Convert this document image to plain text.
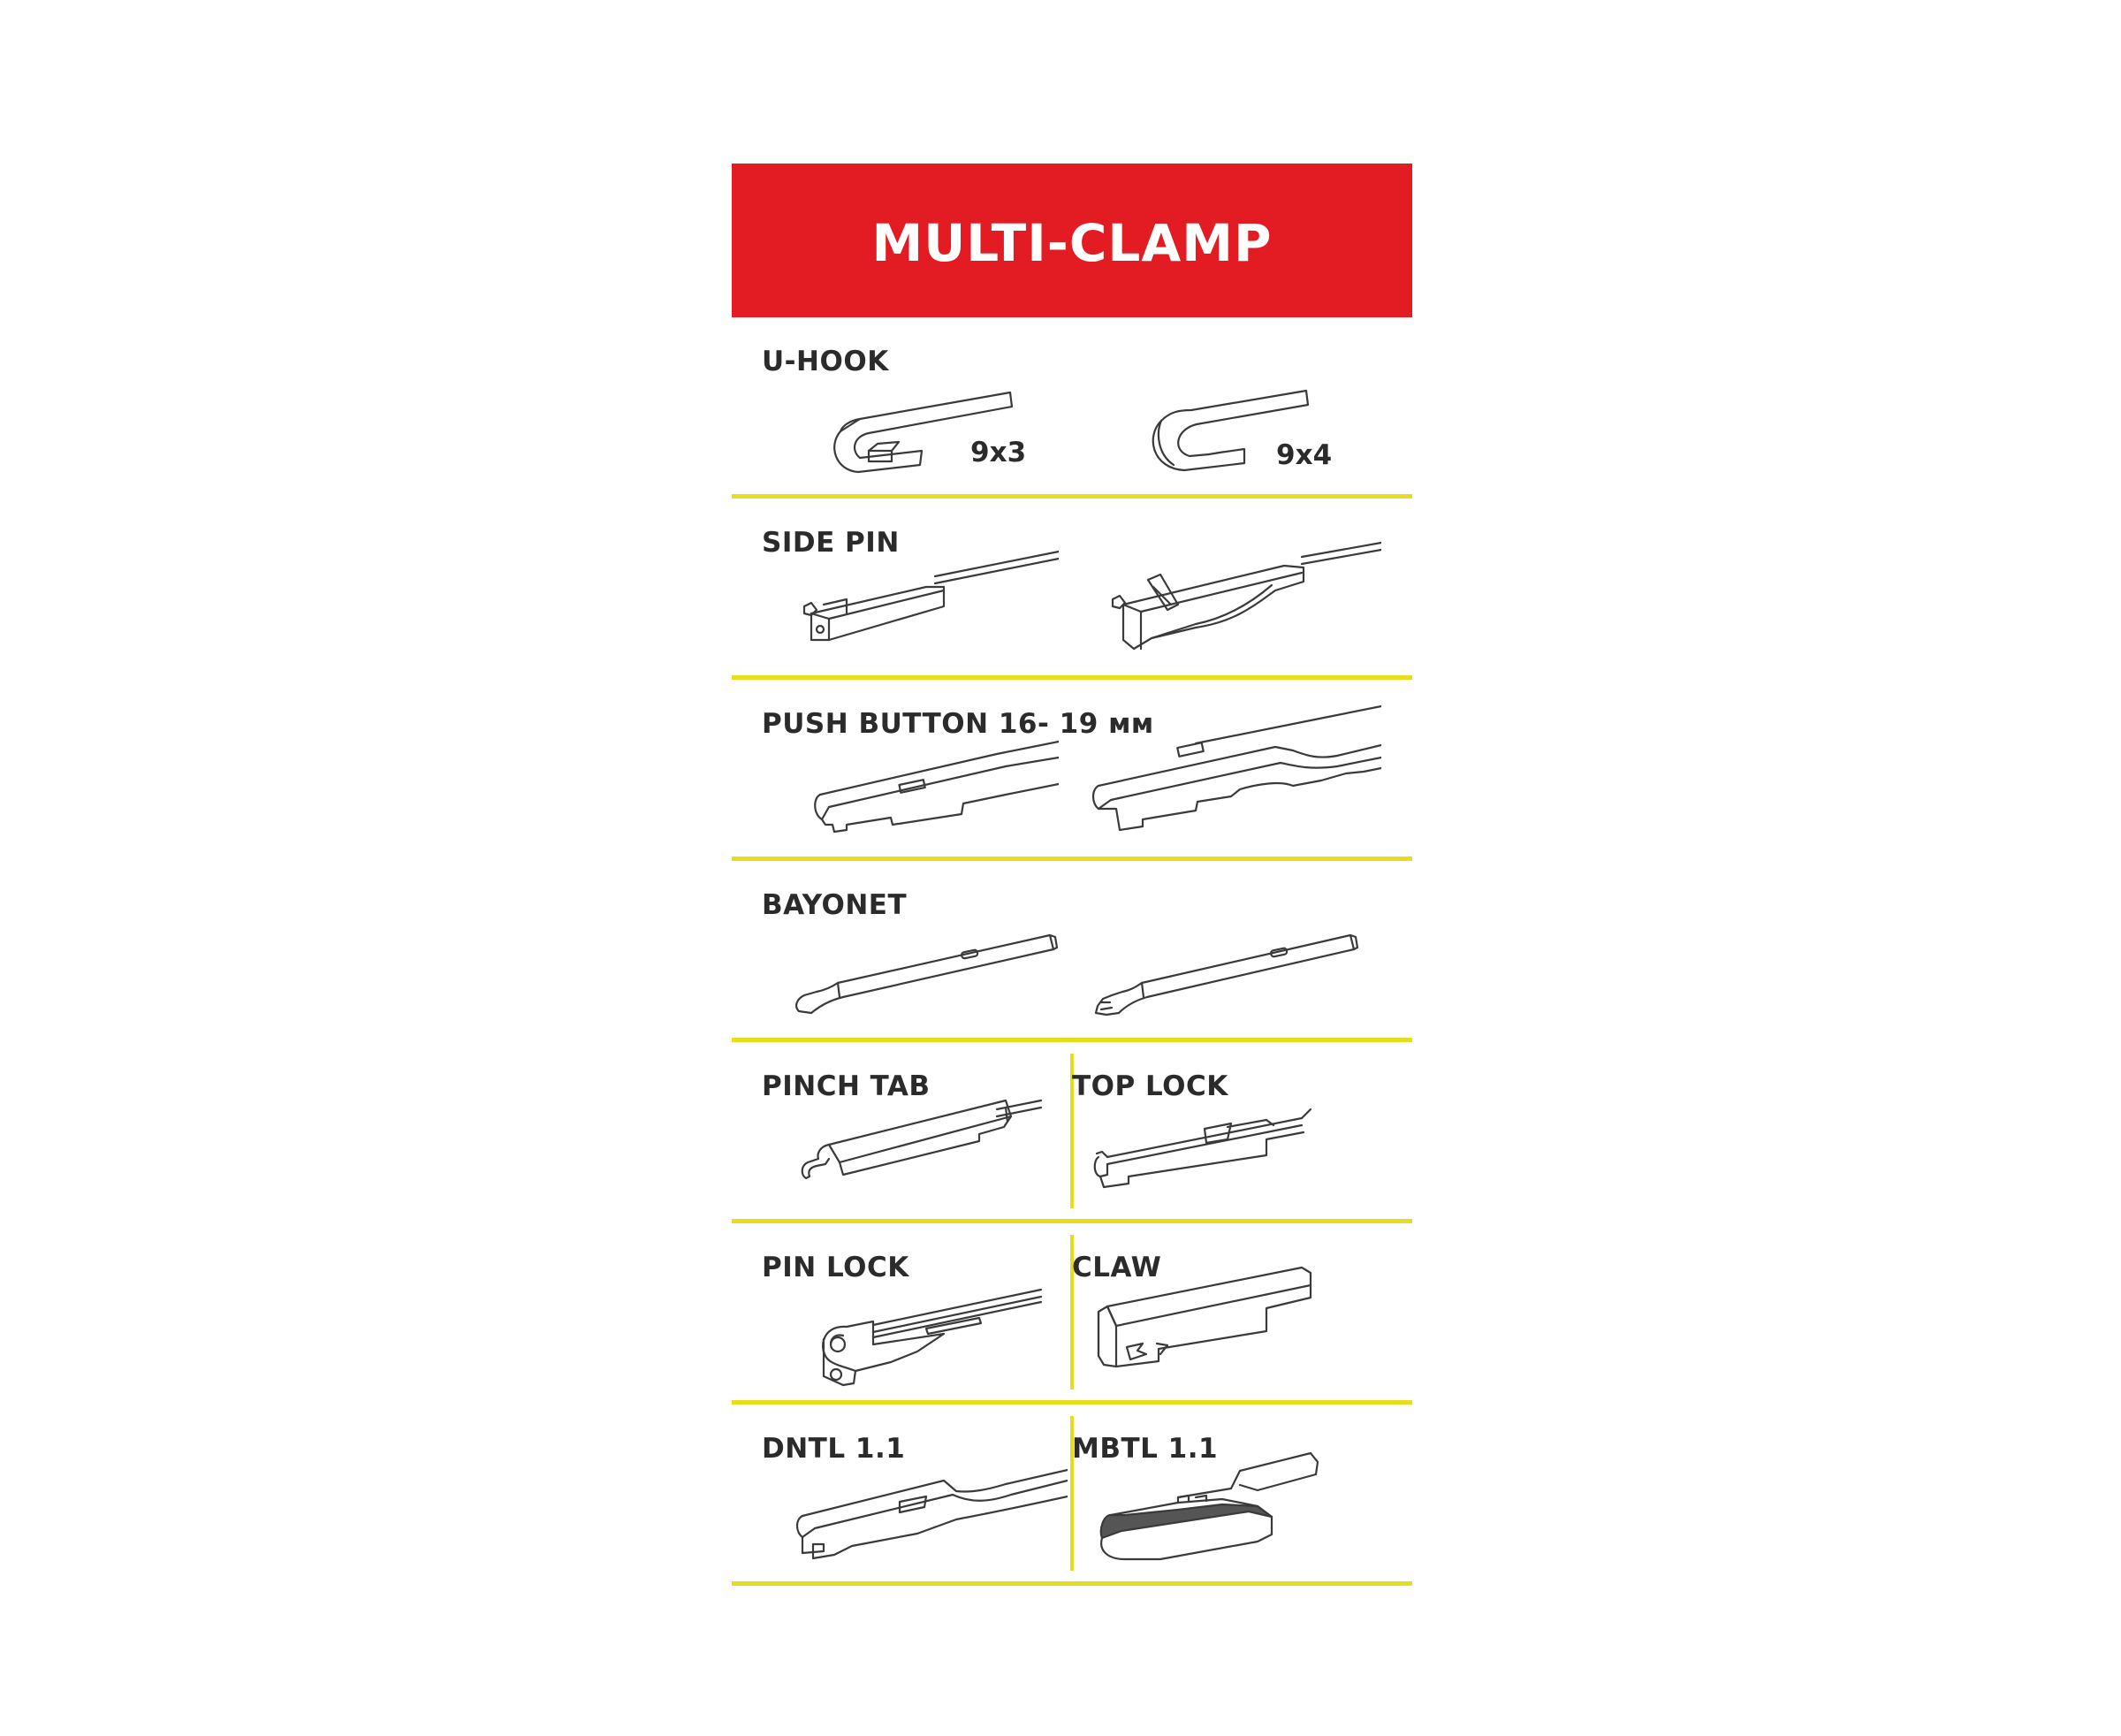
MULTI-CLAMP
U-HOOK
9x3	9x4
SIDE PIN
PUSH BUTTON 16- 19 мм
BAYONET
PINCH TAB	TOP LOCK
PIN LOCK	CLAW
DNTL 1.1	MBTL 1.1
